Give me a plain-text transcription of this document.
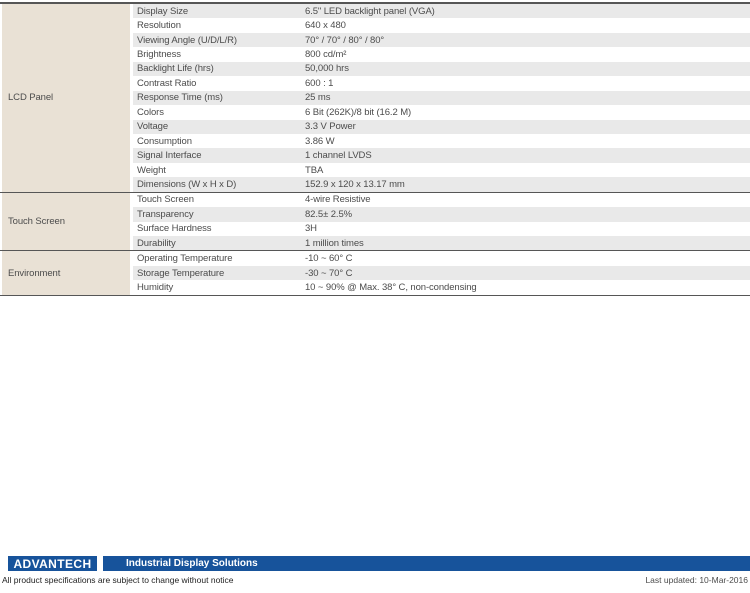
LCD Panel
Display Size	6.5" LED backlight panel (VGA)
Resolution	640 x 480
Viewing Angle (U/D/L/R)	70° / 70° / 80° / 80°
Brightness	800 cd/m²
Backlight Life (hrs)	50,000 hrs
Contrast Ratio	600 : 1
Response Time (ms)	25 ms
Colors	6 Bit (262K)/8 bit (16.2 M)
Voltage	3.3 V Power
Consumption	3.86 W
Signal Interface	1 channel LVDS
Weight	TBA
Dimensions (W x H x D)	152.9 x 120 x 13.17 mm
Touch Screen
Touch Screen	4-wire Resistive
Transparency	82.5± 2.5%
Surface Hardness	3H
Durability	1 million times
Environment
Operating Temperature	-10 ~ 60° C
Storage Temperature	-30 ~ 70° C
Humidity	10 ~ 90% @ Max. 38° C, non-condensing
ADVANTECH	Industrial Display Solutions
All product specifications are subject to change without notice	Last updated: 10-Mar-2016
